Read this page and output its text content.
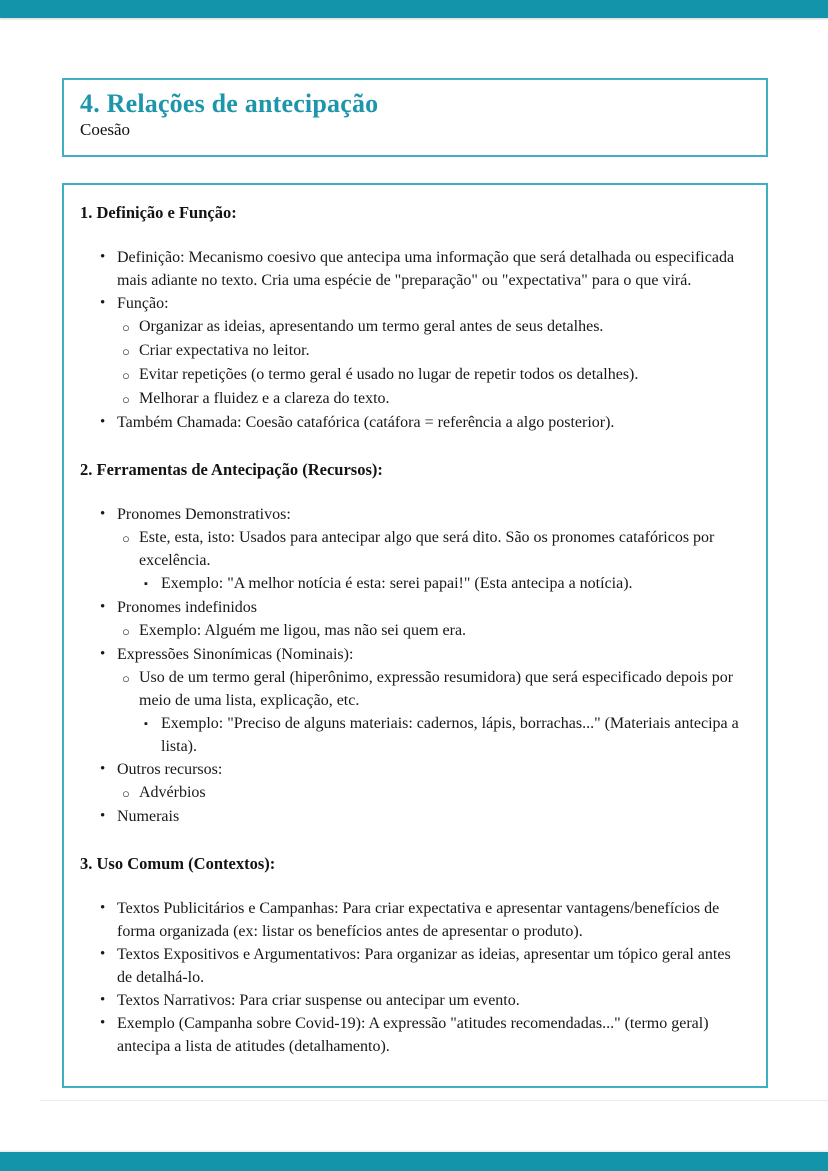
4. Relações de antecipação
Coesão
1. Definição e Função:
• Definição: Mecanismo coesivo que antecipa uma informação que será detalhada ou especificada mais adiante no texto. Cria uma espécie de "preparação" ou "expectativa" para o que virá.
• Função:
○ Organizar as ideias, apresentando um termo geral antes de seus detalhes.
○ Criar expectativa no leitor.
○ Evitar repetições (o termo geral é usado no lugar de repetir todos os detalhes).
○ Melhorar a fluidez e a clareza do texto.
• Também Chamada: Coesão catafórica (catáfora = referência a algo posterior).
2. Ferramentas de Antecipação (Recursos):
• Pronomes Demonstrativos:
○ Este, esta, isto: Usados para antecipar algo que será dito. São os pronomes catafóricos por excelência.
▪ Exemplo: "A melhor notícia é esta: serei papai!" (Esta antecipa a notícia).
• Pronomes indefinidos
○ Exemplo: Alguém me ligou, mas não sei quem era.
• Expressões Sinonímicas (Nominais):
○ Uso de um termo geral (hiperônimo, expressão resumidora) que será especificado depois por meio de uma lista, explicação, etc.
▪ Exemplo: "Preciso de alguns materiais: cadernos, lápis, borrachas..." (Materiais antecipa a lista).
• Outros recursos:
○ Advérbios
• Numerais
3. Uso Comum (Contextos):
• Textos Publicitários e Campanhas: Para criar expectativa e apresentar vantagens/benefícios de forma organizada (ex: listar os benefícios antes de apresentar o produto).
• Textos Expositivos e Argumentativos: Para organizar as ideias, apresentar um tópico geral antes de detalhá-lo.
• Textos Narrativos: Para criar suspense ou antecipar um evento.
• Exemplo (Campanha sobre Covid-19): A expressão "atitudes recomendadas..." (termo geral) antecipa a lista de atitudes (detalhamento).
